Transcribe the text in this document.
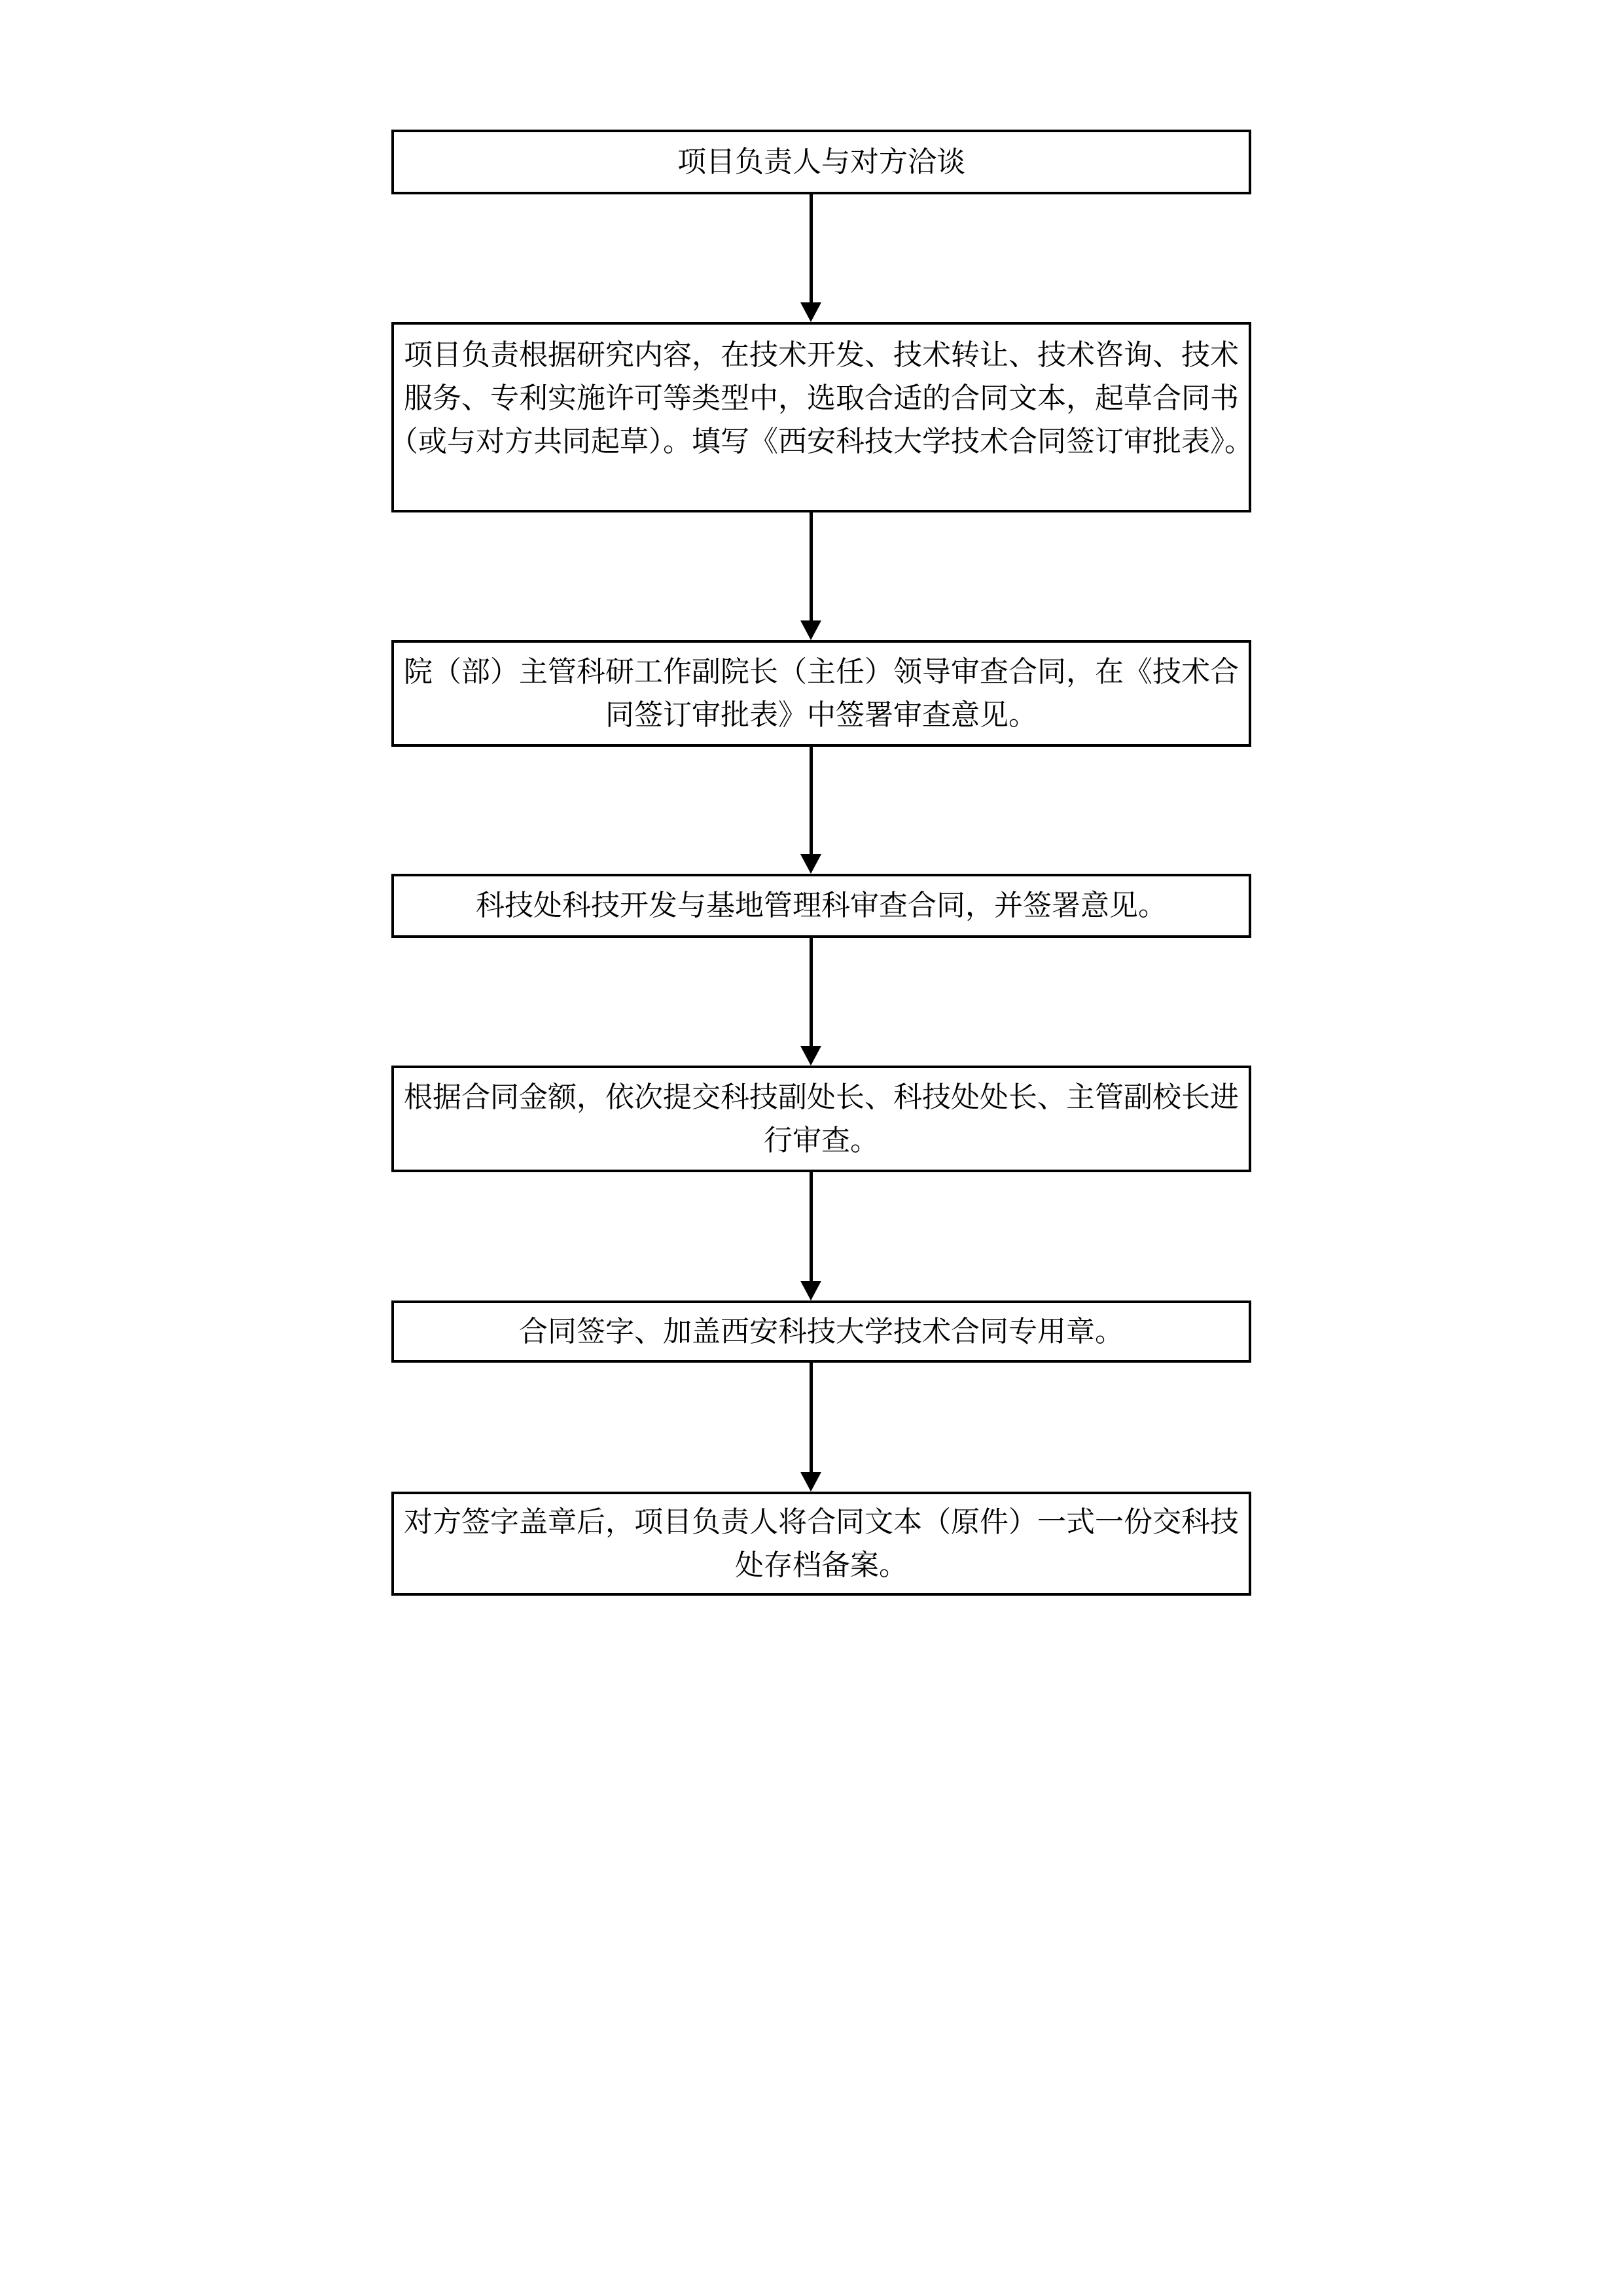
项目负责人与对方洽谈
项目负责根据研究内容，在技术开发、技术转让、技术咨询、技术
服务、专利实施许可等类型中，选取合适的合同文本，起草合同书
（或与对方共同起草）。填写《西安科技大学技术合同签订审批表》。
院（部）主管科研工作副院长（主任）领导审查合同，在《技术合
同签订审批表》中签署审查意见。
科技处科技开发与基地管理科审查合同，并签署意见。
根据合同金额，依次提交科技副处长、科技处处长、主管副校长进
行审查。
合同签字、加盖西安科技大学技术合同专用章。
对方签字盖章后，项目负责人将合同文本（原件）一式一份交科技
处存档备案。
